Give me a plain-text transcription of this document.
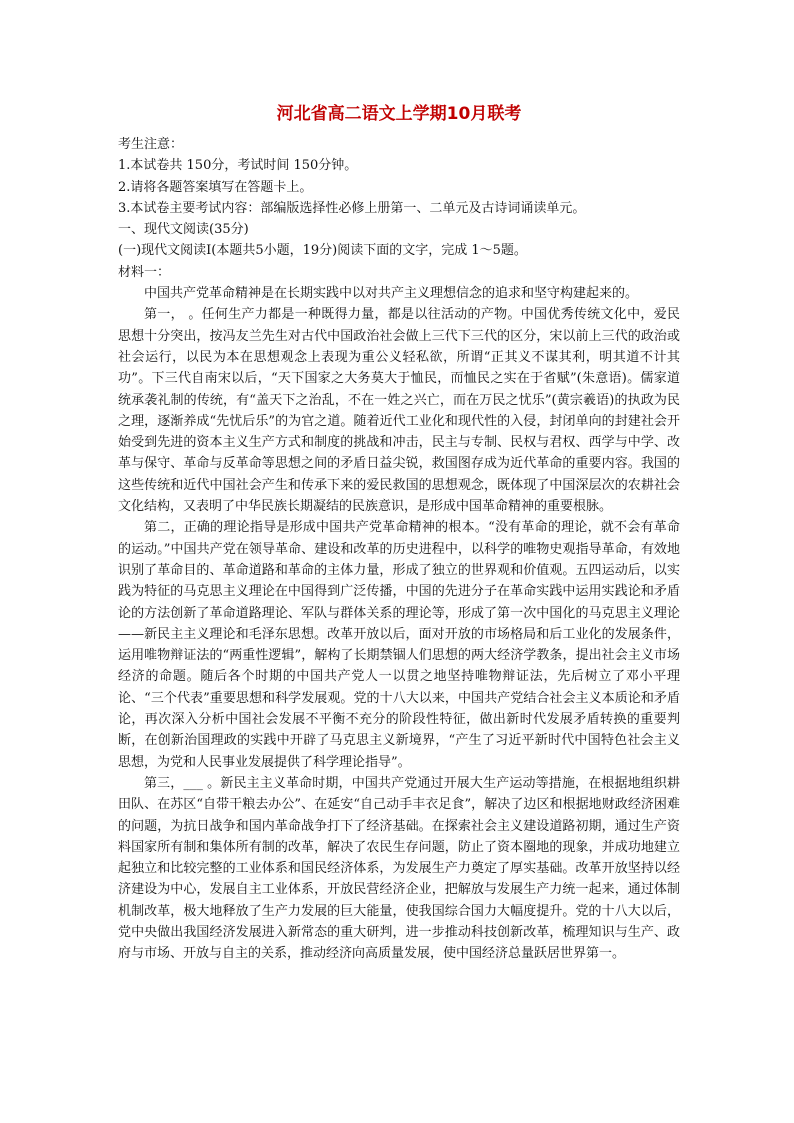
河北省高二语文上学期10月联考

考生注意：

1.本试卷共 150分，考试时间 150分钟。

2.请将各题答案填写在答题卡上。

3.本试卷主要考试内容：部编版选择性必修上册第一、二单元及古诗词诵读单元。

一、现代文阅读(35分)

(一)现代文阅读Ⅰ(本题共5小题，19分)阅读下面的文字，完成 1～5题。

材料一：

中国共产党革命精神是在长期实践中以对共产主义理想信念的追求和坚守构建起来的。

第一， 。任何生产力都是一种既得力量，都是以往活动的产物。中国优秀传统文化中，爱民思想十分突出，按冯友兰先生对古代中国政治社会做上三代下三代的区分，宋以前上三代的政治或社会运行，以民为本在思想观念上表现为重公义轻私欲，所谓“正其义不谋其利，明其道不计其功”。下三代自南宋以后，“天下国家之大务莫大于恤民，而恤民之实在于省赋”(朱意语)。儒家道统承袭礼制的传统，有“盖天下之治乱，不在一姓之兴亡，而在万民之忧乐”(黄宗羲语)的执政为民之理，逐渐养成“先忧后乐”的为官之道。随着近代工业化和现代性的入侵，封闭单向的封建社会开始受到先进的资本主义生产方式和制度的挑战和冲击，民主与专制、民权与君权、西学与中学、改革与保守、革命与反革命等思想之间的矛盾日益尖锐，救国图存成为近代革命的重要内容。我国的这些传统和近代中国社会产生和传承下来的爱民救国的思想观念，既体现了中国深层次的农耕社会文化结构，又表明了中华民族长期凝结的民族意识，是形成中国革命精神的重要根脉。

第二，正确的理论指导是形成中国共产党革命精神的根本。“没有革命的理论，就不会有革命的运动。”中国共产党在领导革命、建设和改革的历史进程中，以科学的唯物史观指导革命，有效地识别了革命目的、革命道路和革命的主体力量，形成了独立的世界观和价值观。五四运动后，以实践为特征的马克思主义理论在中国得到广泛传播，中国的先进分子在革命实践中运用实践论和矛盾论的方法创新了革命道路理论、军队与群体关系的理论等，形成了第一次中国化的马克思主义理论——新民主主义理论和毛泽东思想。改革开放以后，面对开放的市场格局和后工业化的发展条件，运用唯物辩证法的“两重性逻辑”，解构了长期禁锢人们思想的两大经济学教条，提出社会主义市场经济的命题。随后各个时期的中国共产党人一以贯之地坚持唯物辩证法，先后树立了邓小平理论、“三个代表”重要思想和科学发展观。党的十八大以来，中国共产党结合社会主义本质论和矛盾论，再次深入分析中国社会发展不平衡不充分的阶段性特征，做出新时代发展矛盾转换的重要判断，在创新治国理政的实践中开辟了马克思主义新境界，“产生了习近平新时代中国特色社会主义思想，为党和人民事业发展提供了科学理论指导”。

第三，___ 。新民主主义革命时期，中国共产党通过开展大生产运动等措施，在根据地组织耕田队、在苏区“自带干粮去办公”、在延安“自己动手丰衣足食”，解决了边区和根据地财政经济困难的问题，为抗日战争和国内革命战争打下了经济基础。在探索社会主义建设道路初期，通过生产资料国家所有制和集体所有制的改革，解决了农民生存问题，防止了资本圈地的现象，并成功地建立起独立和比较完整的工业体系和国民经济体系，为发展生产力奠定了厚实基础。改革开放坚持以经济建设为中心，发展自主工业体系，开放民营经济企业，把解放与发展生产力统一起来，通过体制机制改革，极大地释放了生产力发展的巨大能量，使我国综合国力大幅度提升。党的十八大以后，党中央做出我国经济发展进入新常态的重大研判，进一步推动科技创新改革，梳理知识与生产、政府与市场、开放与自主的关系，推动经济向高质量发展，使中国经济总量跃居世界第一。
